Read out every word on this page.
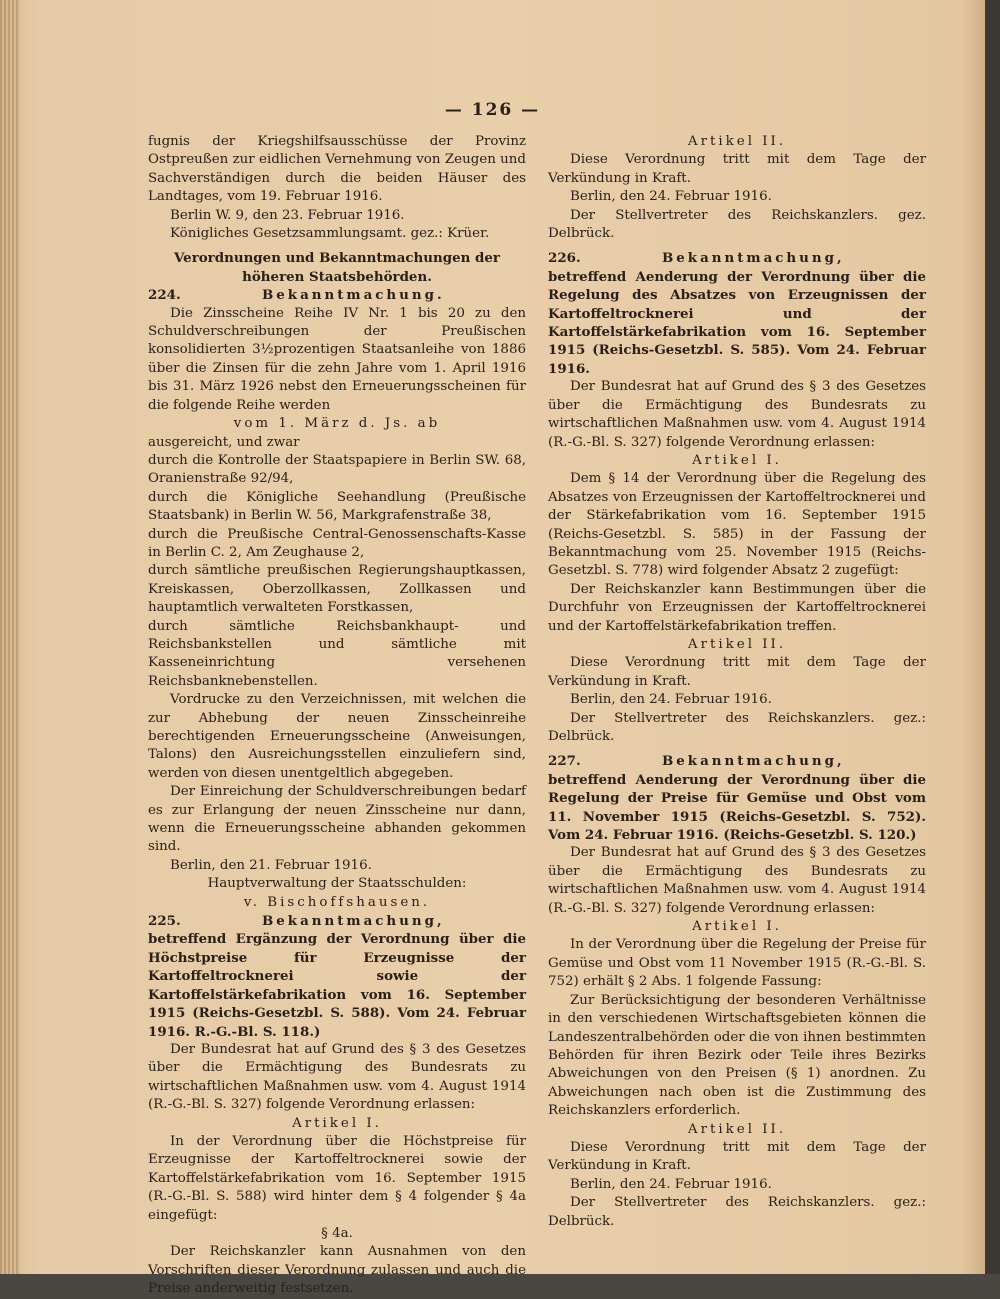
— 126 —

fugnis der Kriegshilfsausschüsse der Provinz Ostpreußen zur eidlichen Vernehmung von Zeugen und Sachverständigen durch die beiden Häuser des Landtages, vom 19. Februar 1916.

Berlin W. 9, den 23. Februar 1916.

Königliches Gesetzsammlungsamt. gez.: Krüer.

Verordnungen und Bekanntmachungen der höheren Staatsbehörden.

224.	Bekanntmachung.

Die Zinsscheine Reihe IV Nr. 1 bis 20 zu den Schuldverschreibungen der Preußischen konsolidierten 3½prozentigen Staatsanleihe von 1886 über die Zinsen für die zehn Jahre vom 1. April 1916 bis 31. März 1926 nebst den Erneuerungsscheinen für die folgende Reihe werden

vom 1. März d. Js. ab

ausgereicht, und zwar

durch die Kontrolle der Staatspapiere in Berlin SW. 68, Oranienstraße 92/94,

durch die Königliche Seehandlung (Preußische Staatsbank) in Berlin W. 56, Markgrafenstraße 38,

durch die Preußische Central-Genossenschafts-Kasse in Berlin C. 2, Am Zeughause 2,

durch sämtliche preußischen Regierungshauptkassen, Kreiskassen, Oberzollkassen, Zollkassen und hauptamtlich verwalteten Forstkassen,

durch sämtliche Reichsbankhaupt- und Reichsbankstellen und sämtliche mit Kasseneinrichtung versehenen Reichsbanknebenstellen.

Vordrucke zu den Verzeichnissen, mit welchen die zur Abhebung der neuen Zinsscheinreihe berechtigenden Erneuerungsscheine (Anweisungen, Talons) den Ausreichungsstellen einzuliefern sind, werden von diesen unentgeltlich abgegeben.

Der Einreichung der Schuldverschreibungen bedarf es zur Erlangung der neuen Zinsscheine nur dann, wenn die Erneuerungsscheine abhanden gekommen sind.

Berlin, den 21. Februar 1916.

Hauptverwaltung der Staatsschulden:

v. Bischoffshausen.

225.	Bekanntmachung,

betreffend Ergänzung der Verordnung über die Höchstpreise für Erzeugnisse der Kartoffeltrocknerei sowie der Kartoffelstärkefabrikation vom 16. September 1915 (Reichs-Gesetzbl. S. 588). Vom 24. Februar 1916. R.-G.-Bl. S. 118.)

Der Bundesrat hat auf Grund des § 3 des Gesetzes über die Ermächtigung des Bundesrats zu wirtschaftlichen Maßnahmen usw. vom 4. August 1914 (R.-G.-Bl. S. 327) folgende Verordnung erlassen:

Artikel I.

In der Verordnung über die Höchstpreise für Erzeugnisse der Kartoffeltrocknerei sowie der Kartoffelstärkefabrikation vom 16. September 1915 (R.-G.-Bl. S. 588) wird hinter dem § 4 folgender § 4a eingefügt:

§ 4a.

Der Reichskanzler kann Ausnahmen von den Vorschriften dieser Verordnung zulassen und auch die Preise anderweitig festsetzen.

Artikel II.

Diese Verordnung tritt mit dem Tage der Verkündung in Kraft.

Berlin, den 24. Februar 1916.

Der Stellvertreter des Reichskanzlers. gez. Delbrück.

226.	Bekanntmachung,

betreffend Aenderung der Verordnung über die Regelung des Absatzes von Erzeugnissen der Kartoffeltrocknerei und der Kartoffelstärkefabrikation vom 16. September 1915 (Reichs-Gesetzbl. S. 585). Vom 24. Februar 1916.

Der Bundesrat hat auf Grund des § 3 des Gesetzes über die Ermächtigung des Bundesrats zu wirtschaftlichen Maßnahmen usw. vom 4. August 1914 (R.-G.-Bl. S. 327) folgende Verordnung erlassen:

Artikel I.

Dem § 14 der Verordnung über die Regelung des Absatzes von Erzeugnissen der Kartoffeltrocknerei und der Stärkefabrikation vom 16. September 1915 (Reichs-Gesetzbl. S. 585) in der Fassung der Bekanntmachung vom 25. November 1915 (Reichs-Gesetzbl. S. 778) wird folgender Absatz 2 zugefügt:

Der Reichskanzler kann Bestimmungen über die Durchfuhr von Erzeugnissen der Kartoffeltrocknerei und der Kartoffelstärkefabrikation treffen.

Artikel II.

Diese Verordnung tritt mit dem Tage der Verkündung in Kraft.

Berlin, den 24. Februar 1916.

Der Stellvertreter des Reichskanzlers. gez.: Delbrück.

227.	Bekanntmachung,

betreffend Aenderung der Verordnung über die Regelung der Preise für Gemüse und Obst vom 11. November 1915 (Reichs-Gesetzbl. S. 752). Vom 24. Februar 1916. (Reichs-Gesetzbl. S. 120.)

Der Bundesrat hat auf Grund des § 3 des Gesetzes über die Ermächtigung des Bundesrats zu wirtschaftlichen Maßnahmen usw. vom 4. August 1914 (R.-G.-Bl. S. 327) folgende Verordnung erlassen:

Artikel I.

In der Verordnung über die Regelung der Preise für Gemüse und Obst vom 11 November 1915 (R.-G.-Bl. S. 752) erhält § 2 Abs. 1 folgende Fassung:

Zur Berücksichtigung der besonderen Verhältnisse in den verschiedenen Wirtschaftsgebieten können die Landeszentralbehörden oder die von ihnen bestimmten Behörden für ihren Bezirk oder Teile ihres Bezirks Abweichungen von den Preisen (§ 1) anordnen. Zu Abweichungen nach oben ist die Zustimmung des Reichskanzlers erforderlich.

Artikel II.

Diese Verordnung tritt mit dem Tage der Verkündung in Kraft.

Berlin, den 24. Februar 1916.

Der Stellvertreter des Reichskanzlers. gez.: Delbrück.
